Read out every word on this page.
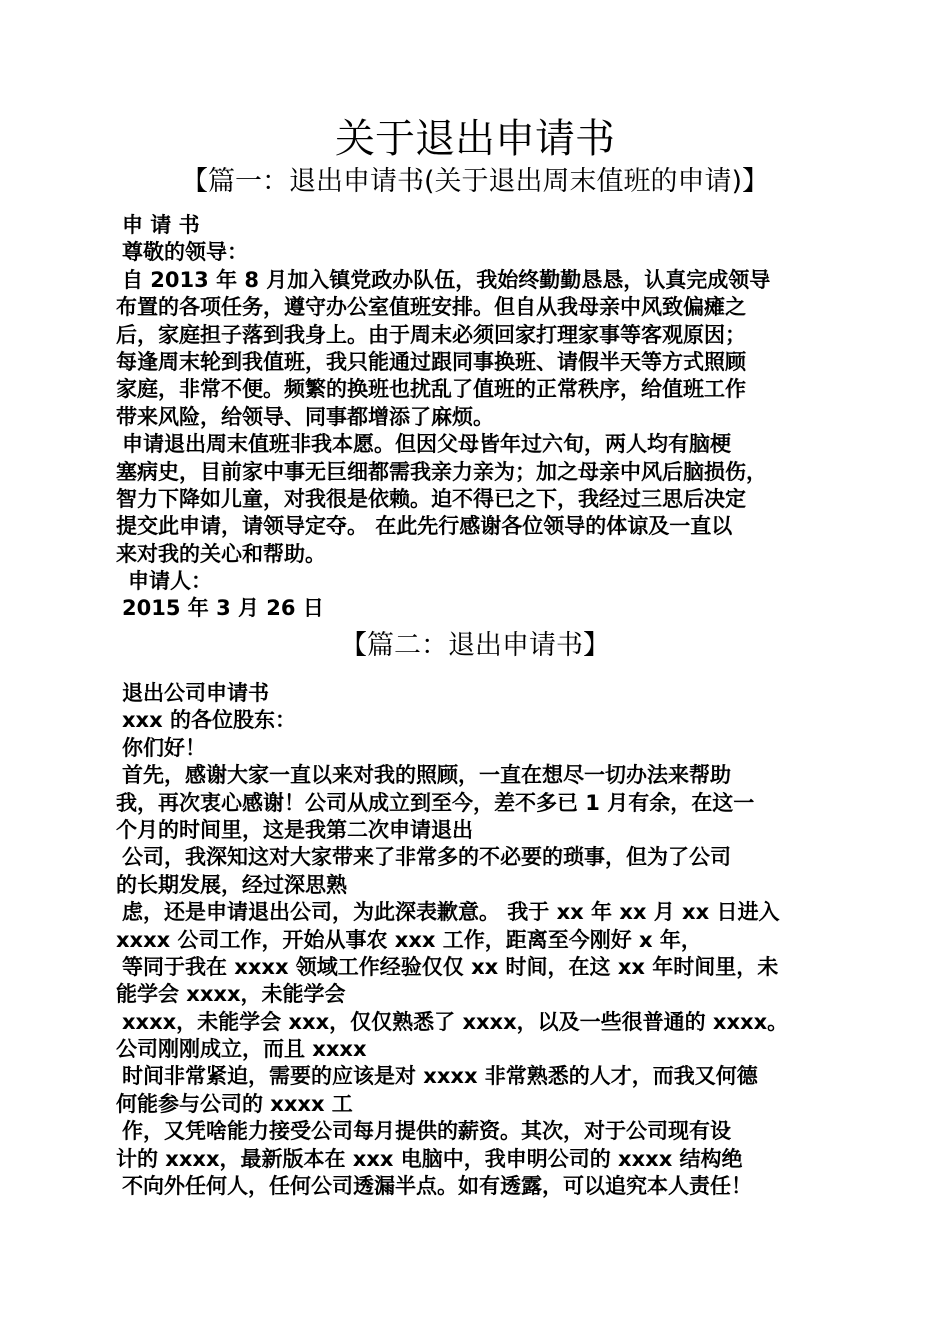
关于退出申请书
【篇一：退出申请书(关于退出周末值班的申请)】
申 请 书
尊敬的领导：
自 2013 年 8 月加入镇党政办队伍，我始终勤勤恳恳，认真完成领导
布置的各项任务，遵守办公室值班安排。但自从我母亲中风致偏瘫之
后，家庭担子落到我身上。由于周末必须回家打理家事等客观原因；
每逢周末轮到我值班，我只能通过跟同事换班、请假半天等方式照顾
家庭，非常不便。频繁的换班也扰乱了值班的正常秩序，给值班工作
带来风险，给领导、同事都增添了麻烦。
申请退出周末值班非我本愿。但因父母皆年过六旬，两人均有脑梗
塞病史，目前家中事无巨细都需我亲力亲为；加之母亲中风后脑损伤，
智力下降如儿童，对我很是依赖。迫不得已之下，我经过三思后决定
提交此申请，请领导定夺。 在此先行感谢各位领导的体谅及一直以
来对我的关心和帮助。
申请人：
2015 年 3 月 26 日
【篇二：退出申请书】
退出公司申请书
xxx 的各位股东：
你们好！
首先，感谢大家一直以来对我的照顾，一直在想尽一切办法来帮助
我，再次衷心感谢！公司从成立到至今，差不多已 1 月有余，在这一
个月的时间里，这是我第二次申请退出
公司，我深知这对大家带来了非常多的不必要的琐事，但为了公司
的长期发展，经过深思熟
虑，还是申请退出公司，为此深表歉意。 我于 xx 年 xx 月 xx 日进入
xxxx 公司工作，开始从事农 xxx 工作，距离至今刚好 x 年，
等同于我在 xxxx 领域工作经验仅仅 xx 时间，在这 xx 年时间里，未
能学会 xxxx，未能学会
xxxx，未能学会 xxx，仅仅熟悉了 xxxx，以及一些很普通的 xxxx。
公司刚刚成立，而且 xxxx
时间非常紧迫，需要的应该是对 xxxx 非常熟悉的人才，而我又何德
何能参与公司的 xxxx 工
作，又凭啥能力接受公司每月提供的薪资。其次，对于公司现有设
计的 xxxx，最新版本在 xxx 电脑中，我申明公司的 xxxx 结构绝
不向外任何人，任何公司透漏半点。如有透露，可以追究本人责任！
